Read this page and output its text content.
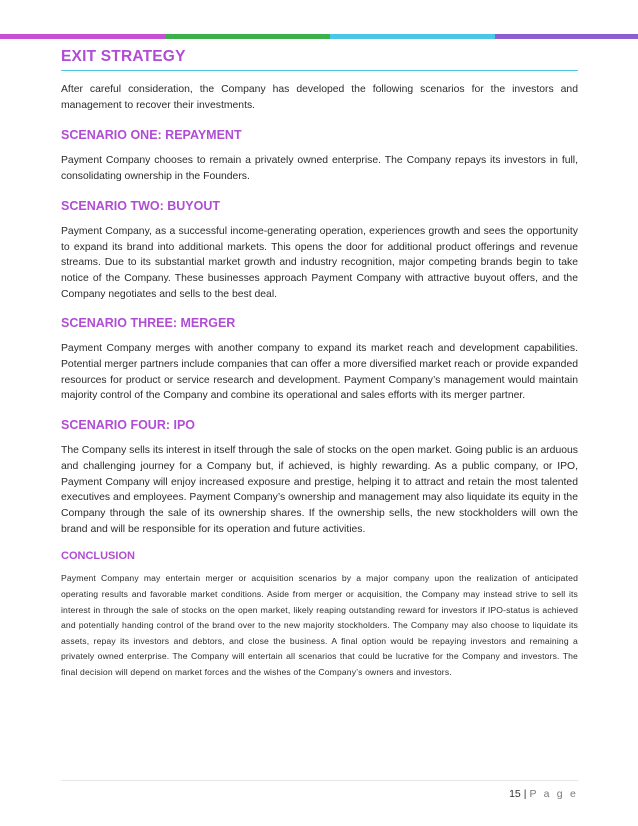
EXIT STRATEGY

After careful consideration, the Company has developed the following scenarios for the investors and management to recover their investments.

SCENARIO ONE: REPAYMENT

Payment Company chooses to remain a privately owned enterprise. The Company repays its investors in full, consolidating ownership in the Founders.

SCENARIO TWO: BUYOUT

Payment Company, as a successful income-generating operation, experiences growth and sees the opportunity to expand its brand into additional markets. This opens the door for additional product offerings and revenue streams. Due to its substantial market growth and industry recognition, major competing brands begin to take notice of the Company. These businesses approach Payment Company with attractive buyout offers, and the Company negotiates and sells to the best deal.

SCENARIO THREE: MERGER

Payment Company merges with another company to expand its market reach and development capabilities. Potential merger partners include companies that can offer a more diversified market reach or provide expanded resources for product or service research and development. Payment Company’s management would maintain majority control of the Company and combine its operational and sales efforts with its merger partner.

SCENARIO FOUR: IPO

The Company sells its interest in itself through the sale of stocks on the open market. Going public is an arduous and challenging journey for a Company but, if achieved, is highly rewarding. As a public company, or IPO, Payment Company will enjoy increased exposure and prestige, helping it to attract and retain the most talented executives and employees. Payment Company’s ownership and management may also liquidate its equity in the Company through the sale of its ownership shares. If the ownership sells, the new stockholders will own the brand and will be responsible for its operation and future activities.

CONCLUSION

Payment Company may entertain merger or acquisition scenarios by a major company upon the realization of anticipated operating results and favorable market conditions. Aside from merger or acquisition, the Company may instead strive to sell its interest in through the sale of stocks on the open market, likely reaping outstanding reward for investors if IPO-status is achieved and potentially handing control of the brand over to the new majority stockholders. The Company may also choose to liquidate its assets, repay its investors and debtors, and close the business. A final option would be repaying investors and remaining a privately owned enterprise. The Company will entertain all scenarios that could be lucrative for the Company and investors. The final decision will depend on market forces and the wishes of the Company’s owners and investors.

15 | P a g e
